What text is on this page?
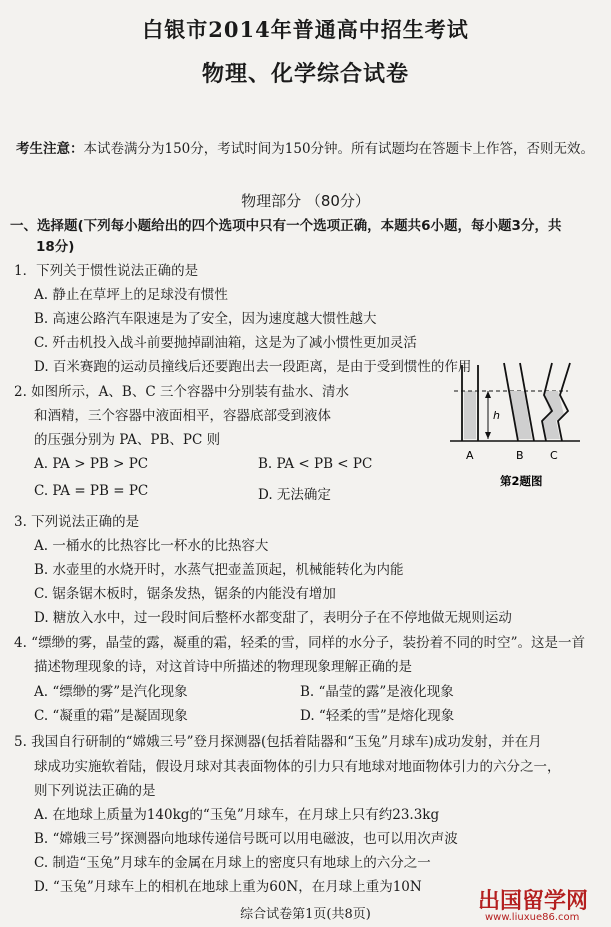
白银市2014年普通高中招生考试
物理、化学综合试卷
考生注意：本试卷满分为150分，考试时间为150分钟。所有试题均在答题卡上作答，否则无效。
物理部分 （80分）
一、选择题(下列每小题给出的四个选项中只有一个选项正确，本题共6小题，每小题3分，共
18分)
1．下列关于惯性说法正确的是
A. 静止在草坪上的足球没有惯性
B. 高速公路汽车限速是为了安全，因为速度越大惯性越大
C. 歼击机投入战斗前要抛掉副油箱，这是为了减小惯性更加灵活
D. 百米赛跑的运动员撞线后还要跑出去一段距离，是由于受到惯性的作用
2. 如图所示，A、B、C 三个容器中分别装有盐水、清水
和酒精，三个容器中液面相平，容器底部受到液体
的压强分别为 PA、PB、PC 则
A. PA > PB > PC	B. PA < PB < PC
C. PA = PB = PC	D. 无法确定
A	B C
h
第2题图
3. 下列说法正确的是
A. 一桶水的比热容比一杯水的比热容大
B. 水壶里的水烧开时，水蒸气把壶盖顶起，机械能转化为内能
C. 锯条锯木板时，锯条发热，锯条的内能没有增加
D. 糖放入水中，过一段时间后整杯水都变甜了，表明分子在不停地做无规则运动
4. “缥缈的雾，晶莹的露，凝重的霜，轻柔的雪，同样的水分子，装扮着不同的时空”。这是一首
描述物理现象的诗，对这首诗中所描述的物理现象理解正确的是
A. “缥缈的雾”是汽化现象	B. “晶莹的露”是液化现象
C. “凝重的霜”是凝固现象	D. “轻柔的雪”是熔化现象
5. 我国自行研制的“嫦娥三号”登月探测器(包括着陆器和“玉兔”月球车)成功发射，并在月
球成功实施软着陆，假设月球对其表面物体的引力只有地球对地面物体引力的六分之一，
则下列说法正确的是
A. 在地球上质量为140kg的“玉兔”月球车，在月球上只有约23.3kg
B. “嫦娥三号”探测器向地球传递信号既可以用电磁波，也可以用次声波
C. 制造“玉兔”月球车的金属在月球上的密度只有地球上的六分之一
D. “玉兔”月球车上的相机在地球上重为60N，在月球上重为10N
综合试卷第1页(共8页)
出国留学网
www.liuxue86.com
